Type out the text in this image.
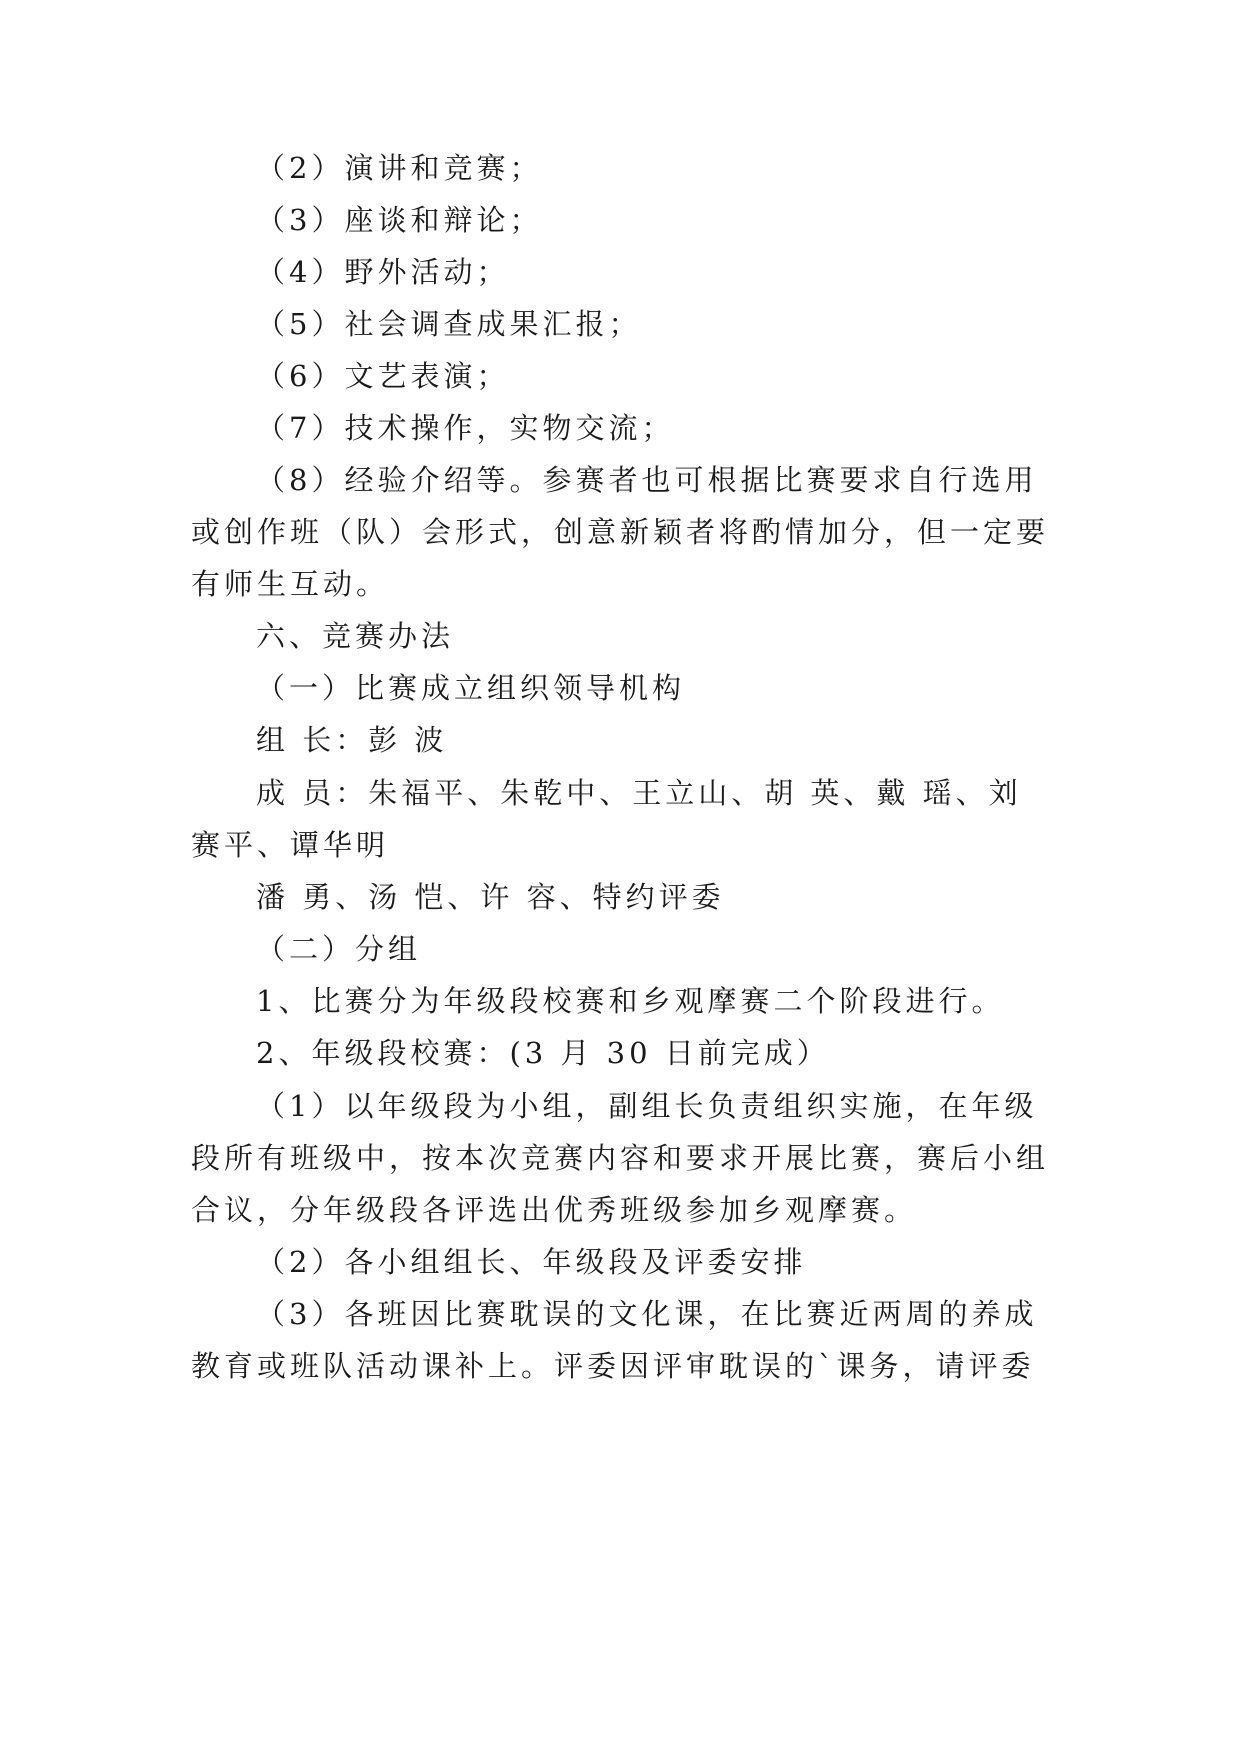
（2）演讲和竞赛；
（3）座谈和辩论；
（4）野外活动；
（5）社会调查成果汇报；
（6）文艺表演；
（7）技术操作，实物交流；
（8）经验介绍等。参赛者也可根据比赛要求自行选用
或创作班（队）会形式，创意新颖者将酌情加分，但一定要
有师生互动。
六、竞赛办法
（一）比赛成立组织领导机构
组 长：彭 波
成 员：朱福平、朱乾中、王立山、胡 英、戴 瑶、刘
赛平、谭华明
潘 勇、汤 恺、许 容、特约评委
（二）分组
1、比赛分为年级段校赛和乡观摩赛二个阶段进行。
2、年级段校赛：(3 月 30 日前完成）
（1）以年级段为小组，副组长负责组织实施，在年级
段所有班级中，按本次竞赛内容和要求开展比赛，赛后小组
合议，分年级段各评选出优秀班级参加乡观摩赛。
（2）各小组组长、年级段及评委安排
（3）各班因比赛耽误的文化课，在比赛近两周的养成
教育或班队活动课补上。评委因评审耽误的`课务，请评委
